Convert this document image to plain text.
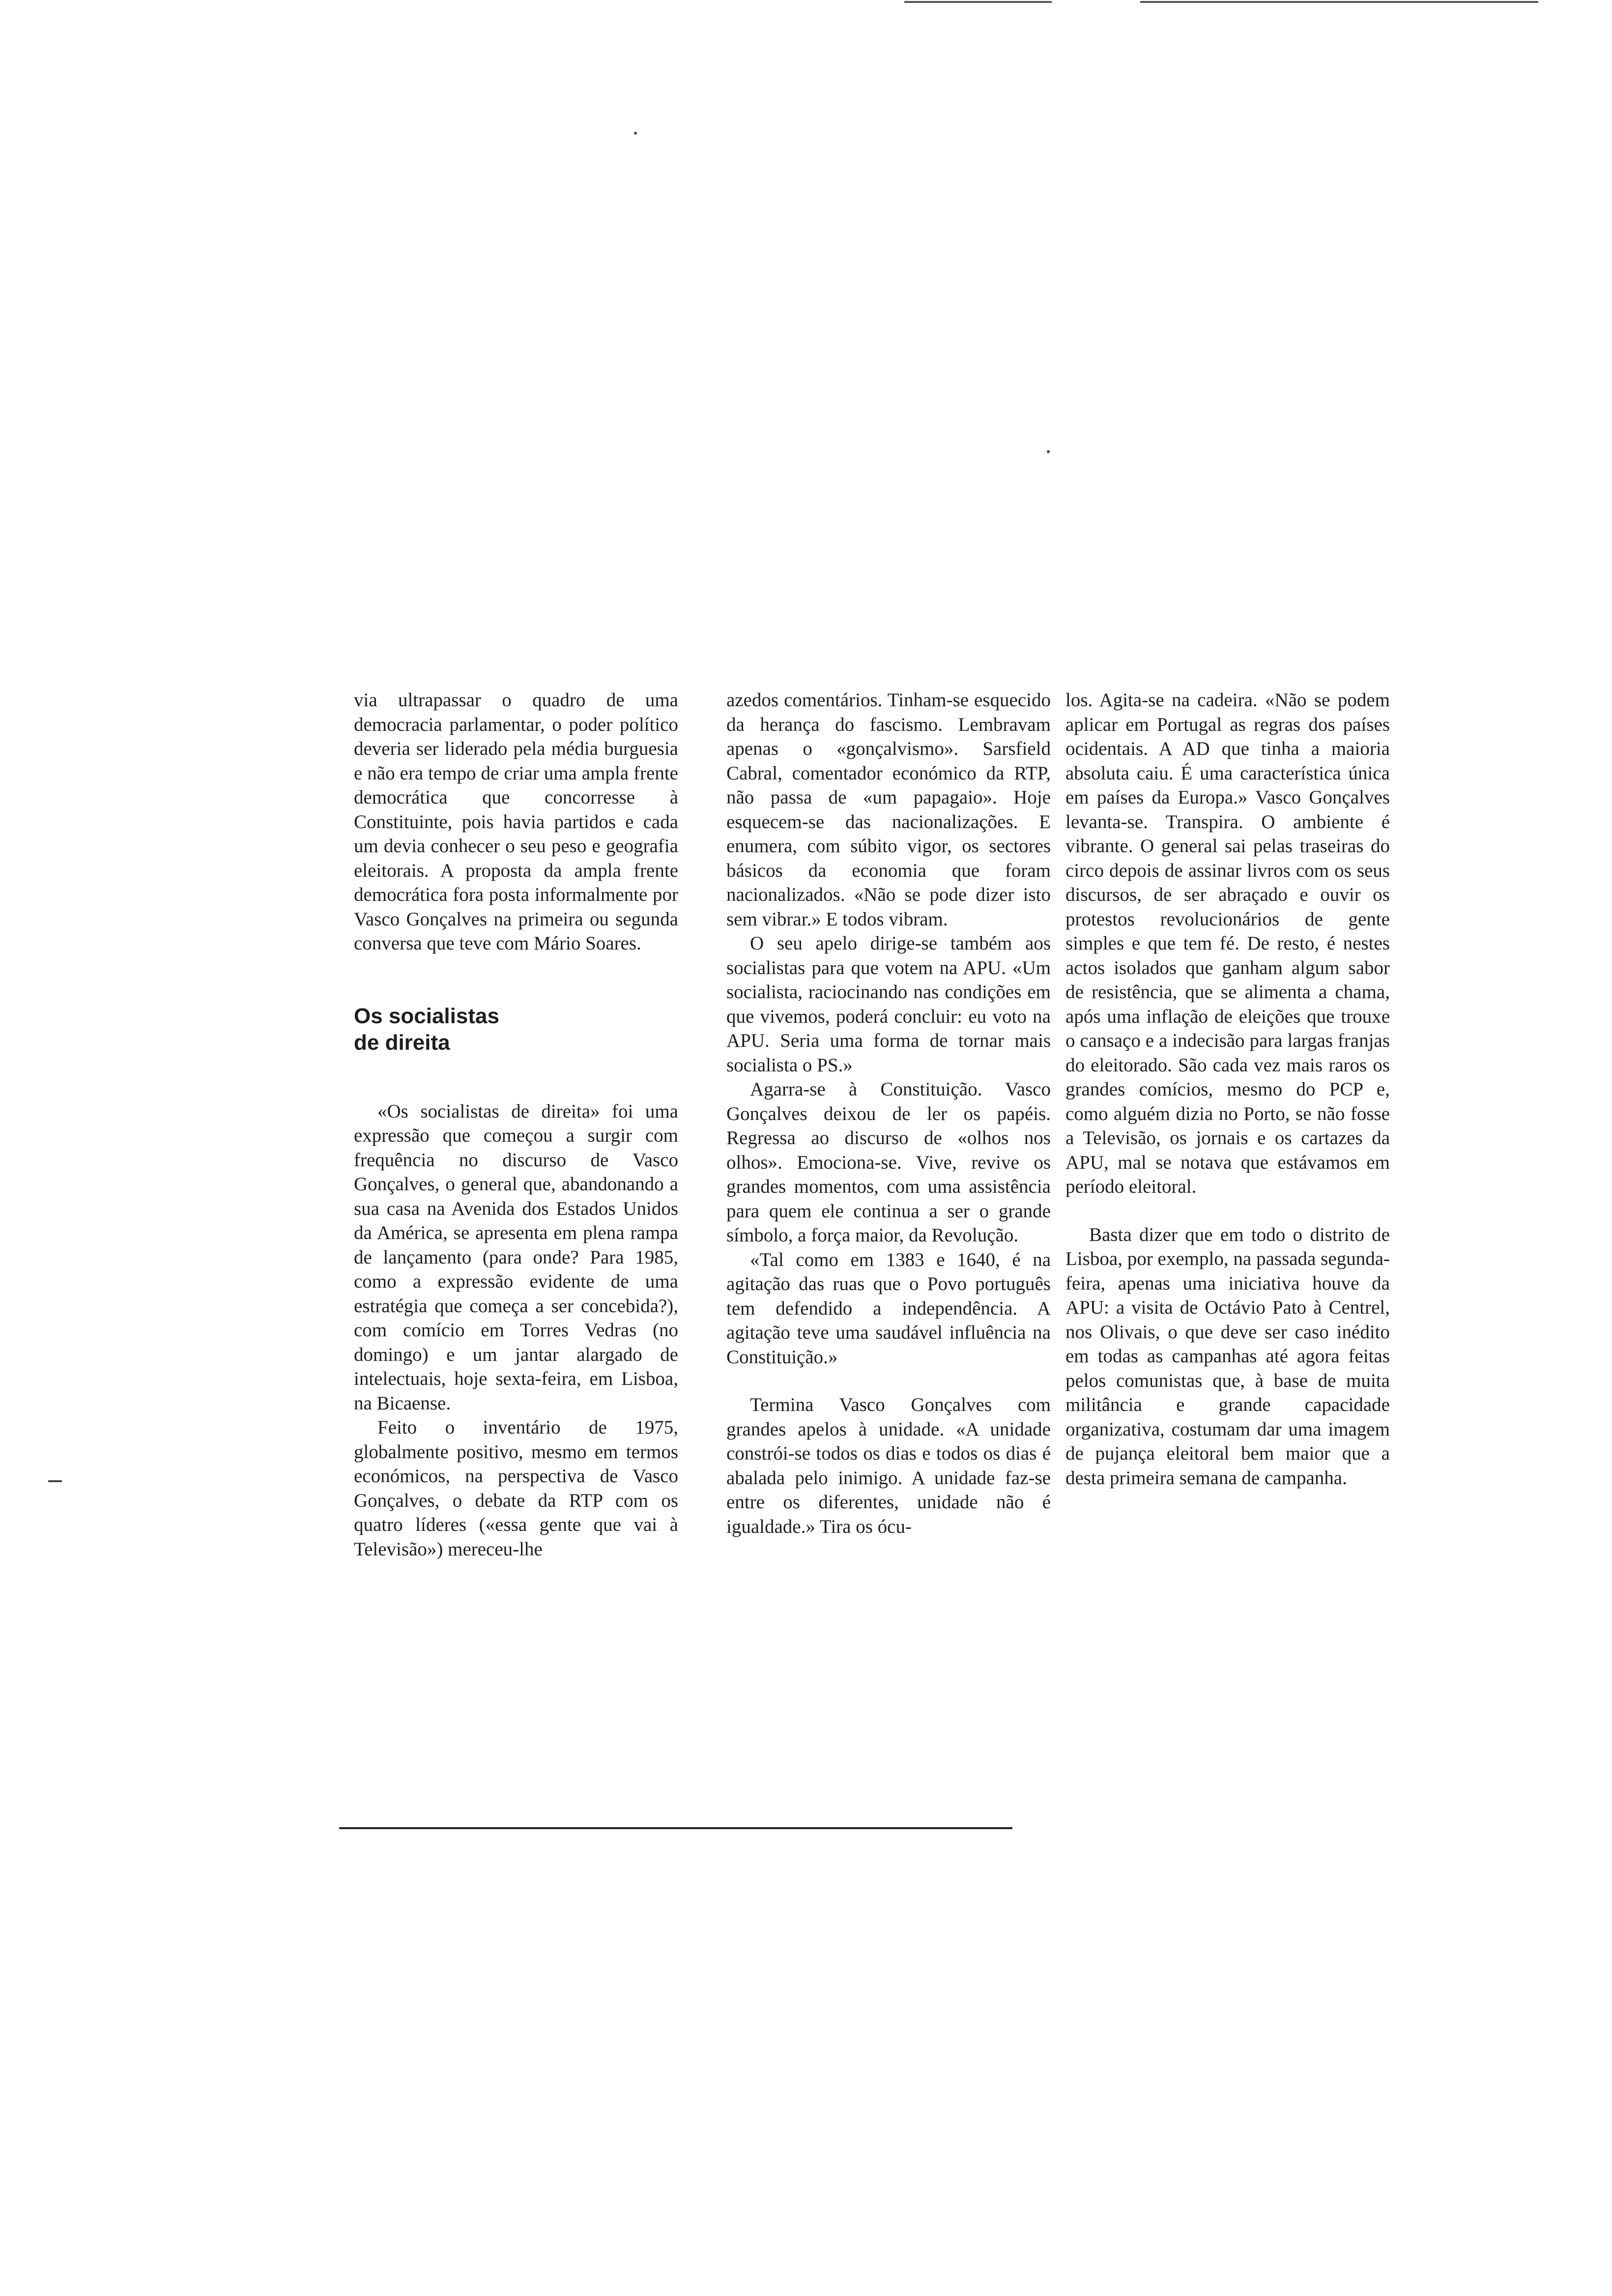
via ultrapassar o quadro de uma democracia parlamentar, o poder político deveria ser liderado pela média burguesia e não era tempo de criar uma ampla frente democrática que concorresse à Constituinte, pois havia partidos e cada um devia conhecer o seu peso e geografia eleitorais. A proposta da ampla frente democrática fora posta informalmente por Vasco Gonçalves na primeira ou segunda conversa que teve com Mário Soares.

Os socialistas de direita

«Os socialistas de direita» foi uma expressão que começou a surgir com frequência no discurso de Vasco Gonçalves, o general que, abandonando a sua casa na Avenida dos Estados Unidos da América, se apresenta em plena rampa de lançamento (para onde? Para 1985, como a expressão evidente de uma estratégia que começa a ser concebida?), com comício em Torres Vedras (no domingo) e um jantar alargado de intelectuais, hoje sexta-feira, em Lisboa, na Bicaense.

Feito o inventário de 1975, globalmente positivo, mesmo em termos económicos, na perspectiva de Vasco Gonçalves, o debate da RTP com os quatro líderes («essa gente que vai à Televisão») mereceu-lhe

azedos comentários. Tinham-se esquecido da herança do fascismo. Lembravam apenas o «gonçalvismo». Sarsfield Cabral, comentador económico da RTP, não passa de «um papagaio». Hoje esquecem-se das nacionalizações. E enumera, com súbito vigor, os sectores básicos da economia que foram nacionalizados. «Não se pode dizer isto sem vibrar.» E todos vibram.

O seu apelo dirige-se também aos socialistas para que votem na APU. «Um socialista, raciocinando nas condições em que vivemos, poderá concluir: eu voto na APU. Seria uma forma de tornar mais socialista o PS.»

Agarra-se à Constituição. Vasco Gonçalves deixou de ler os papéis. Regressa ao discurso de «olhos nos olhos». Emociona-se. Vive, revive os grandes momentos, com uma assistência para quem ele continua a ser o grande símbolo, a força maior, da Revolução.

«Tal como em 1383 e 1640, é na agitação das ruas que o Povo português tem defendido a independência. A agitação teve uma saudável influência na Constituição.»

Termina Vasco Gonçalves com grandes apelos à unidade. «A unidade constrói-se todos os dias e todos os dias é abalada pelo inimigo. A unidade faz-se entre os diferentes, unidade não é igualdade.» Tira os ócu-

los. Agita-se na cadeira. «Não se podem aplicar em Portugal as regras dos países ocidentais. A AD que tinha a maioria absoluta caiu. É uma característica única em países da Europa.» Vasco Gonçalves levanta-se. Transpira. O ambiente é vibrante. O general sai pelas traseiras do circo depois de assinar livros com os seus discursos, de ser abraçado e ouvir os protestos revolucionários de gente simples e que tem fé. De resto, é nestes actos isolados que ganham algum sabor de resistência, que se alimenta a chama, após uma inflação de eleições que trouxe o cansaço e a indecisão para largas franjas do eleitorado. São cada vez mais raros os grandes comícios, mesmo do PCP e, como alguém dizia no Porto, se não fosse a Televisão, os jornais e os cartazes da APU, mal se notava que estávamos em período eleitoral.

Basta dizer que em todo o distrito de Lisboa, por exemplo, na passada segunda-feira, apenas uma iniciativa houve da APU: a visita de Octávio Pato à Centrel, nos Olivais, o que deve ser caso inédito em todas as campanhas até agora feitas pelos comunistas que, à base de muita militância e grande capacidade organizativa, costumam dar uma imagem de pujança eleitoral bem maior que a desta primeira semana de campanha.
